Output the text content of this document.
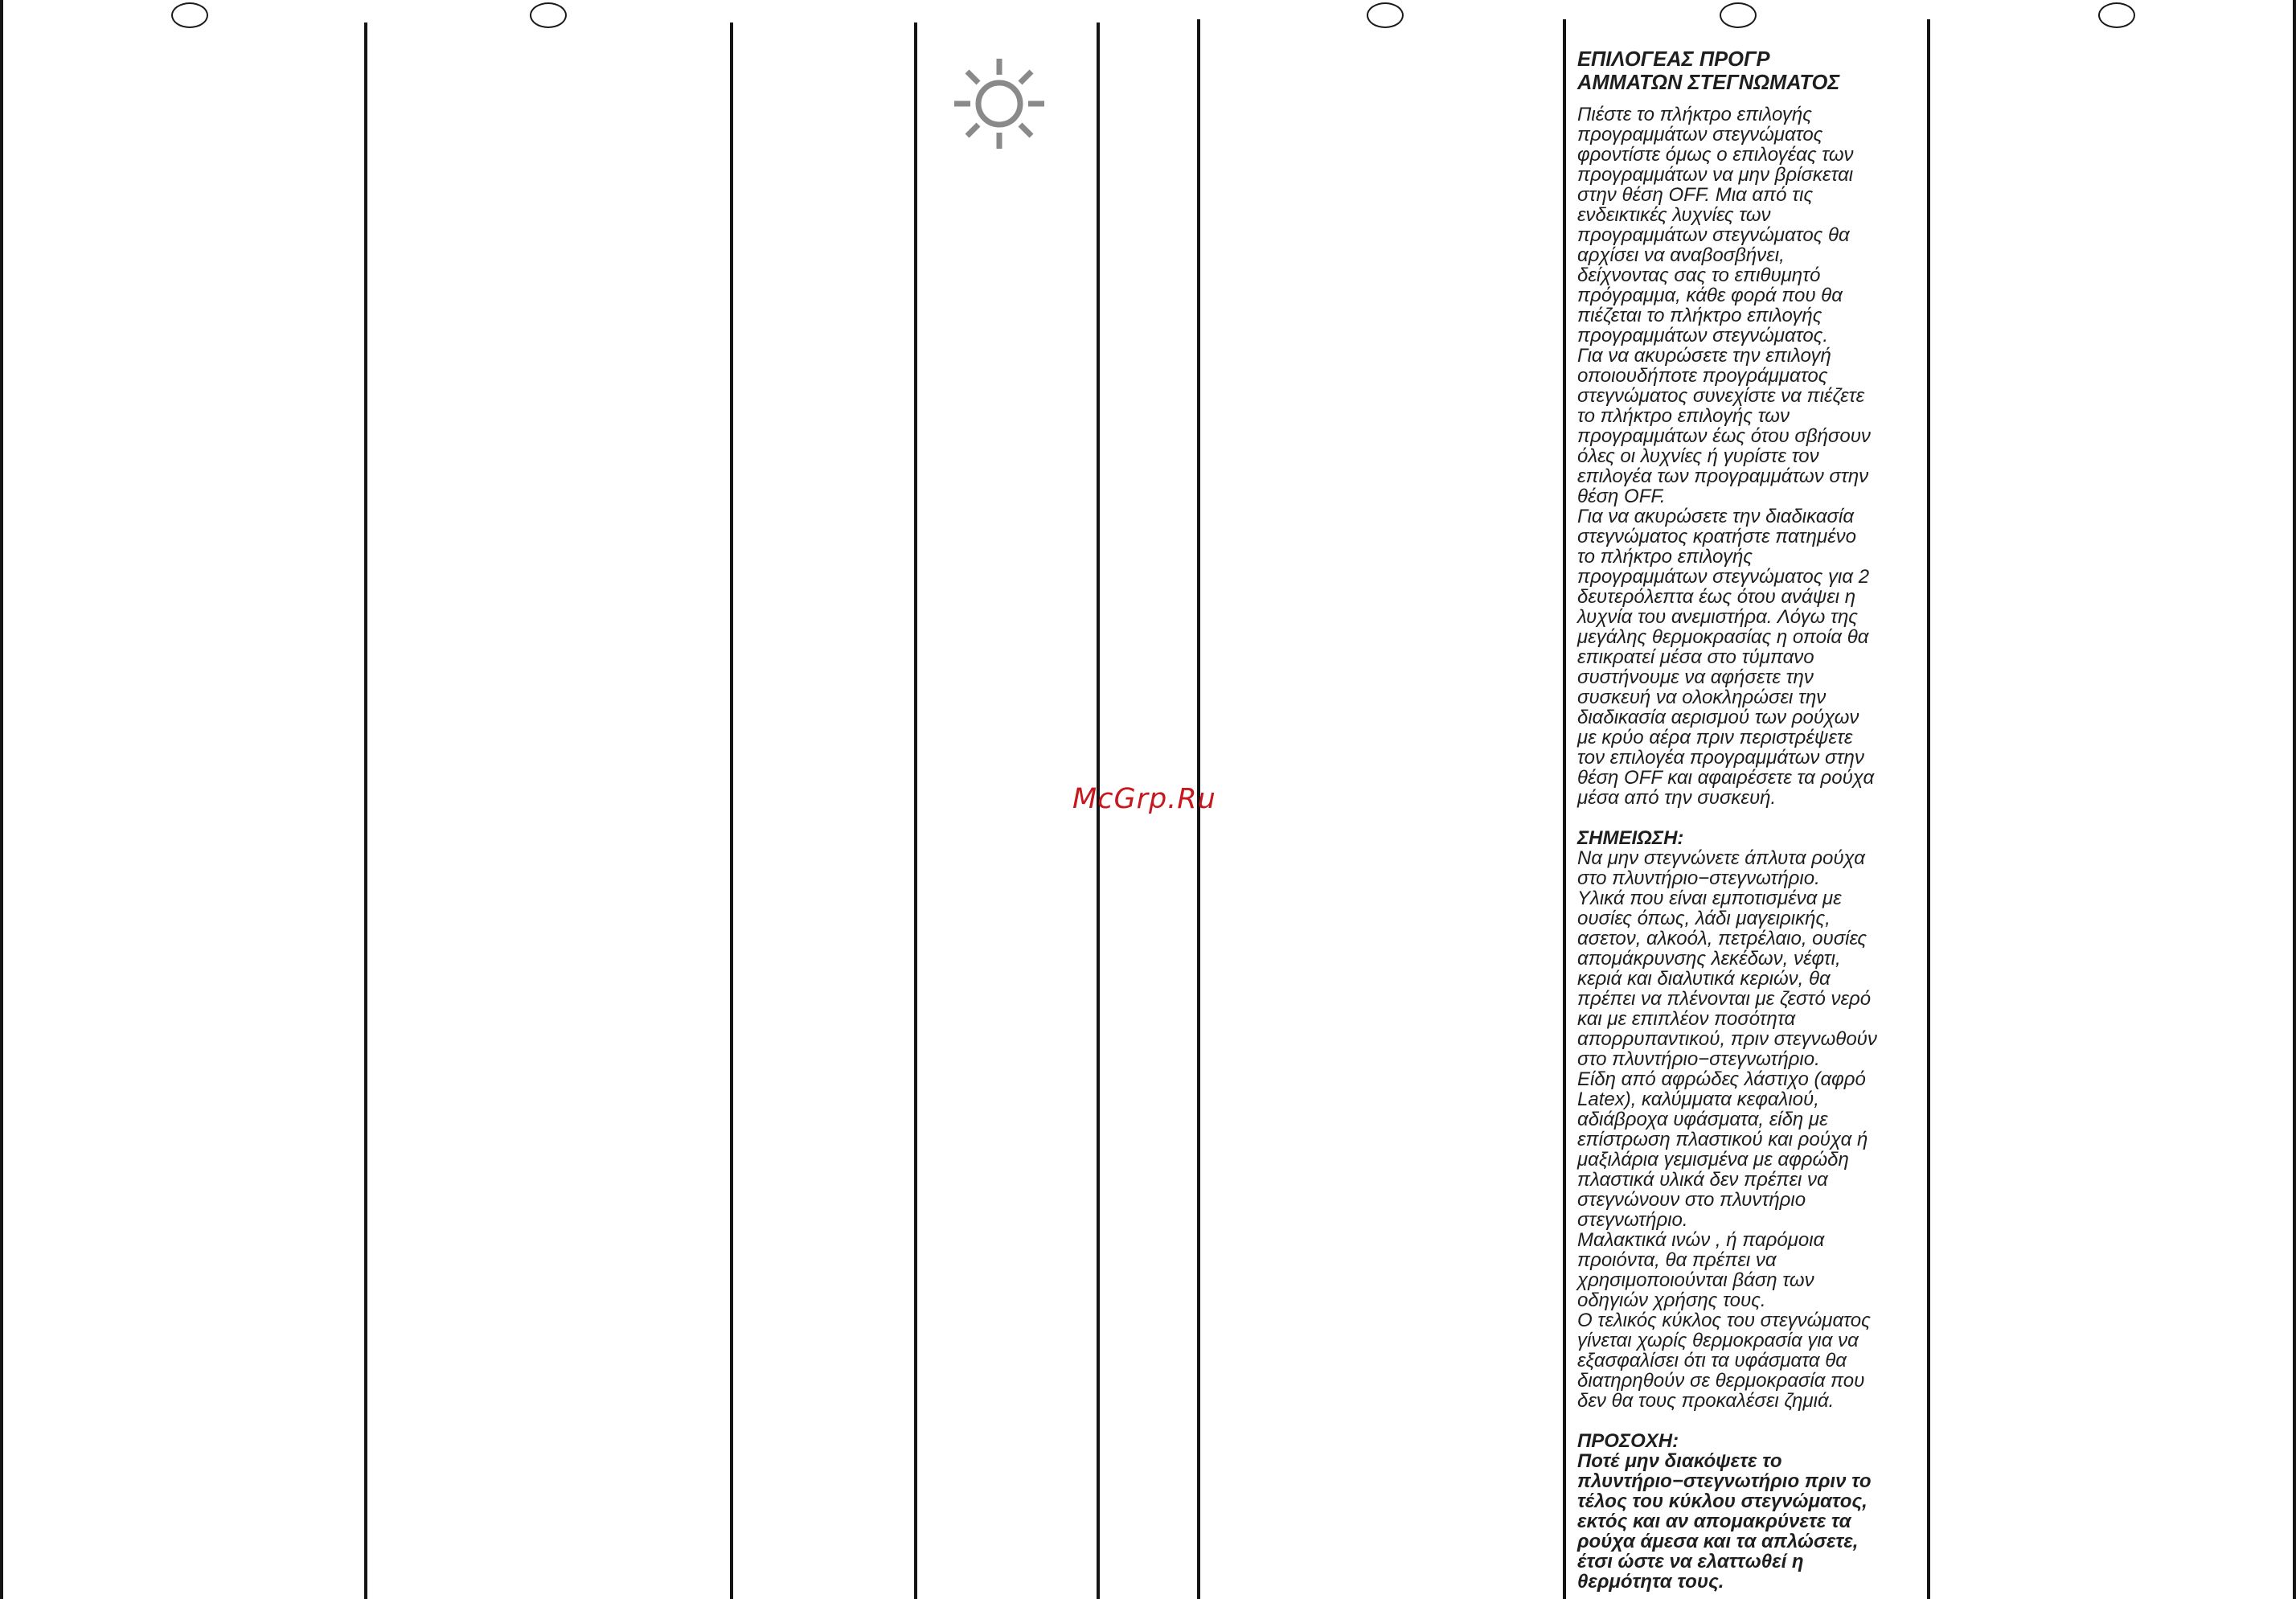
ΕΠΙΛΟΓΕΑΣ ΠΡΟΓΡ
ΑΜΜΑΤΩΝ ΣΤΕΓΝΩΜΑΤΟΣ
Πιέστε το πλήκτρο επιλογής
προγραμμάτων στεγνώματος
φροντίστε όμως ο επιλογέας των
προγραμμάτων να μην βρίσκεται
στην θέση OFF. Μια από τις
ενδεικτικές λυχνίες των
προγραμμάτων στεγνώματος θα
αρχίσει να αναβοσβήνει,
δείχνοντας σας το επιθυμητό
πρόγραμμα, κάθε φορά που θα
πιέζεται το πλήκτρο επιλογής
προγραμμάτων στεγνώματος.
Για να ακυρώσετε την επιλογή
οποιουδήποτε προγράμματος
στεγνώματος συνεχίστε να πιέζετε
το πλήκτρο επιλογής των
προγραμμάτων έως ότου σβήσουν
όλες οι λυχνίες ή γυρίστε τον
επιλογέα των προγραμμάτων στην
θέση OFF.
Για να ακυρώσετε την διαδικασία
στεγνώματος κρατήστε πατημένο
το πλήκτρο επιλογής
προγραμμάτων στεγνώματος για 2
δευτερόλεπτα έως ότου ανάψει η
λυχνία του ανεμιστήρα. Λόγω της
μεγάλης θερμοκρασίας η οποία θα
επικρατεί μέσα στο τύμπανο
συστήνουμε να αφήσετε την
συσκευή να ολοκληρώσει την
διαδικασία αερισμού των ρούχων
με κρύο αέρα πριν περιστρέψετε
τον επιλογέα προγραμμάτων στην
θέση OFF και αφαιρέσετε τα ρούχα
μέσα από την συσκευή.
ΣΗΜΕΙΩΣΗ:
Να μην στεγνώνετε άπλυτα ρούχα
στο πλυντήριο−στεγνωτήριο.
Υλικά που είναι εμποτισμένα με
ουσίες όπως, λάδι μαγειρικής,
ασετον, αλκοόλ, πετρέλαιο, ουσίες
απομάκρυνσης λεκέδων, νέφτι,
κεριά και διαλυτικά κεριών, θα
πρέπει να πλένονται με ζεστό νερό
και με επιπλέον ποσότητα
απορρυπαντικού, πριν στεγνωθούν
στο πλυντήριο−στεγνωτήριο.
Είδη από αφρώδες λάστιχο (αφρό
Latex), καλύμματα κεφαλιού,
αδιάβροχα υφάσματα, είδη με
επίστρωση πλαστικού και ρούχα ή
μαξιλάρια γεμισμένα με αφρώδη
πλαστικά υλικά δεν πρέπει να
στεγνώνουν στο πλυντήριο
στεγνωτήριο.
Μαλακτικά ινών , ή παρόμοια
προιόντα, θα πρέπει να
χρησιμοποιούνται βάση των
οδηγιών χρήσης τους.
Ο τελικός κύκλος του στεγνώματος
γίνεται χωρίς θερμοκρασία για να
εξασφαλίσει ότι τα υφάσματα θα
διατηρηθούν σε θερμοκρασία που
δεν θα τους προκαλέσει ζημιά.
ΠΡΟΣΟΧΗ:
Ποτέ μην διακόψετε το
πλυντήριο−στεγνωτήριο πριν το
τέλος του κύκλου στεγνώματος,
εκτός και αν απομακρύνετε τα
ρούχα άμεσα και τα απλώσετε,
έτσι ώστε να ελαττωθεί η
θερμότητα τους.
McGrp.Ru
